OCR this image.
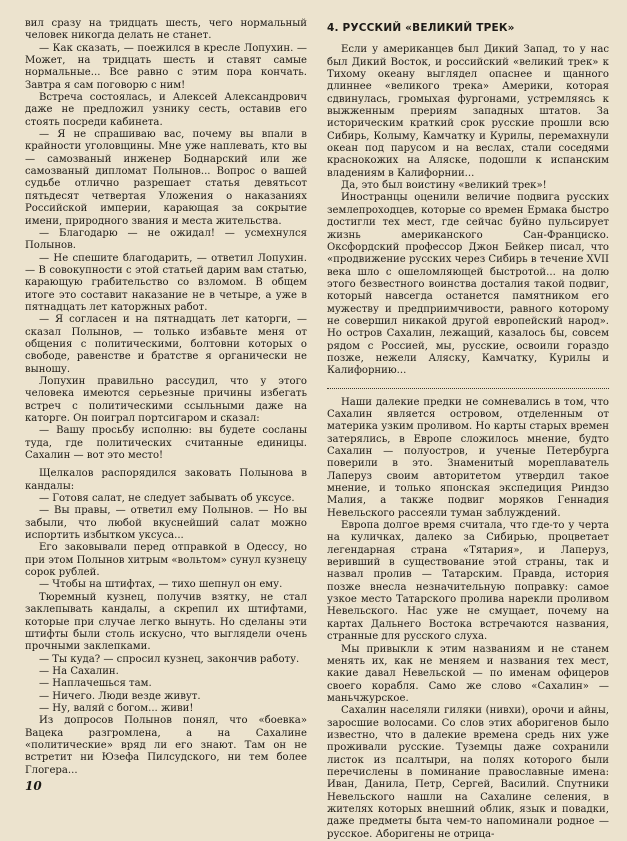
вил сразу на тридцать шесть, чего нормальный человек никогда делать не станет.

— Как сказать, — поежился в кресле Лопухин. — Может, на тридцать шесть и ставят самые нормальные... Все равно с этим пора кончать. Завтра я сам поговорю с ним!

Встреча состоялась, и Алексей Александрович даже не предложил узнику сесть, оставив его стоять посреди кабинета.

— Я не спрашиваю вас, почему вы впали в крайности уголовщины. Мне уже наплевать, кто вы — самозваный инженер Боднарский или же самозваный дипломат Полынов... Вопрос о вашей судьбе отлично разрешает статья девятьсот пятьдесят четвертая Уложения о наказаниях Российской империи, карающая за сокрытие имени, природного звания и места жительства.

— Благодарю — не ожидал! — усмехнулся Полынов.

— Не спешите благодарить, — ответил Лопухин. — В совокупности с этой статьей дарим вам статью, карающую грабительство со взломом. В общем итоге это составит наказание не в четыре, а уже в пятнадцать лет каторжных работ.

— Я согласен и на пятнадцать лет каторги, — сказал Полынов, — только избавьте меня от общения с политическими, болтовни которых о свободе, равенстве и братстве я органически не выношу.

Лопухин правильно рассудил, что у этого человека имеются серьезные причины избегать встреч с политическими ссыльными даже на каторге. Он поиграл портсигаром и сказал:

— Вашу просьбу исполню: вы будете сосланы туда, где политических считанные единицы. Сахалин — вот это место!

Щелкалов распорядился заковать Полынова в кандалы:

— Готовя салат, не следует забывать об уксусе.

— Вы правы, — ответил ему Полынов. — Но вы забыли, что любой вкуснейший салат можно испортить избытком уксуса...

Его заковывали перед отправкой в Одессу, но при этом Полынов хитрым «вольтом» сунул кузнецу сорок рублей.

— Чтобы на штифтах, — тихо шепнул он ему.

Тюремный кузнец, получив взятку, не стал заклепывать кандалы, а скрепил их штифтами, которые при случае легко вынуть. Но сделаны эти штифты были столь искусно, что выглядели очень прочными заклепками.

— Ты куда? — спросил кузнец, закончив работу.

— На Сахалин.

— Наплачешься там.

— Ничего. Люди везде живут.

— Ну, валяй с богом... живи!

Из допросов Полынов понял, что «боевка» Вацека разгромлена, а на Сахалине «политические» вряд ли его знают. Там он не встретит ни Юзефа Пилсудского, ни тем более Глогера...

4. РУССКИЙ «ВЕЛИКИЙ ТРЕК»

Если у американцев был Дикий Запад, то у нас был Дикий Восток, и российский «великий трек» к Тихому океану выглядел опаснее и щанного длиннее «великого трека» Америки, которая сдвинулась, громыхая фургонами, устремляясь к выжженным прериям западных штатов. За историческим краткий срок русские прошли всю Сибирь, Колыму, Камчатку и Курилы, перемахнули океан под парусом и на веслах, стали соседями краснокожих на Аляске, подошли к испанским владениям в Калифорнии...

Да, это был воистину «великий трек»!

Иностранцы оценили величие подвига русских землепроходцев, которые со времен Ермака быстро достигли тех мест, где сейчас буйно пульсирует жизнь американского Сан-Франциско. Оксфордский профессор Джон Бейкер писал, что «продвижение русских через Сибирь в течение XVII века шло с ошеломляющей быстротой... на долю этого безвестного воинства досталия такой подвиг, который навсегда останется памятником его мужеству и предприимчивости, равного которому не совершил никакой другой европейский народ». Но остров Сахалин, лежащий, казалось бы, совсем рядом с Россией, мы, русские, освоили гораздо позже, нежели Аляску, Камчатку, Курилы и Калифорнию...

Наши далекие предки не сомневались в том, что Сахалин является островом, отделенным от материка узким проливом. Но карты старых времен затерялись, в Европе сложилось мнение, будто Сахалин — полуостров, и ученые Петербурга поверили в это. Знаменитый мореплаватель Лаперуз своим авторитетом утвердил такое мнение, и только японская экспедиция Риндзо Малия, а также подвиг моряков Геннадия Невельского рассеяли туман заблуждений.

Европа долгое время считала, что где-то у черта на куличках, далеко за Сибирью, процветает легендарная страна «Тятария», и Лаперуз, веривший в существование этой страны, так и назвал пролив — Татарским. Правда, история позже внесла незначительную поправку: самое узкое место Татарского пролива нарекли проливом Невельского. Нас уже не смущает, почему на картах Дальнего Востока встречаются названия, странные для русского слуха.

Мы привыкли к этим названиям и не станем менять их, как не меняем и названия тех мест, какие давал Невельской — по именам офицеров своего корабля. Само же слово «Сахалин» — маньчжурское.

Сахалин населяли гиляки (нивхи), орочи и айны, заросшие волосами. Со слов этих аборигенов было известно, что в далекие времена средь них уже проживали русские. Туземцы даже сохранили листок из псалтыри, на полях которого были перечислены в поминание православные имена: Иван, Данила, Петр, Сергей, Василий. Спутники Невельского нашли на Сахалине селения, в жителях которых внешний облик, язык и повадки, даже предметы быта чем-то напоминали родное — русское. Аборигены не отрица-

10
